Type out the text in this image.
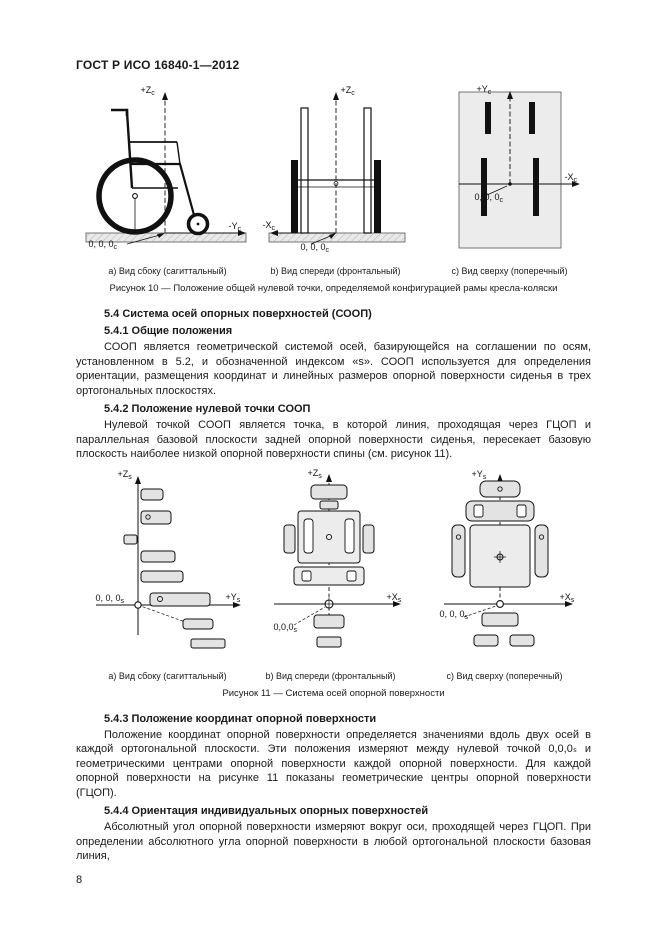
ГОСТ Р ИСО 16840-1—2012
$+Z_c$
$-Y_c$
0, 0, $0_c$
а) Вид сбоку (сагиттальный)
$+Z_c$
$-X_c$
0, 0, $0_c$
b) Вид спереди (фронтальный)
$+Y_c$
$-X_c$
0, 0, $0_c$
c) Вид сверху (поперечный)
Рисунок 10 — Положение общей нулевой точки, определяемой конфигурацией рамы кресла-коляски
5.4 Система осей опорных поверхностей (СООП)
5.4.1 Общие положения

СООП является геометрической системой осей, базирующейся на соглашении по осям, установленном в 5.2, и обозначенной индексом «s». СООП используется для определения ориентации, размещения координат и линейных размеров опорной поверхности сиденья в трех ортогональных плоскостях.

5.4.2 Положение нулевой точки СООП

Нулевой точкой СООП является точка, в которой линия, проходящая через ГЦОП и параллельная базовой плоскости задней опорной поверхности сиденья, пересекает базовую плоскость наиболее низкой опорной поверхности спины (см. рисунок 11).

$+Z_s$
$+Y_s$
0, 0, $0_s$
а) Вид сбоку (сагиттальный)
$+Z_s$
$+X_s$
$0,0,0_s$
b) Вид спереди (фронтальный)
$+Y_s$
$+X_s$
0, 0, $0_s$
c) Вид сверху (поперечный)
Рисунок 11 — Система осей опорной поверхности
5.4.3 Положение координат опорной поверхности

Положение координат опорной поверхности определяется значениями вдоль двух осей в каждой ортогональной плоскости. Эти положения измеряют между нулевой точкой 0,0,0ₛ и геометрическими центрами опорной поверхности каждой опорной поверхности. Для каждой опорной поверхности на рисунке 11 показаны геометрические центры опорной поверхности (ГЦОП).

5.4.4 Ориентация индивидуальных опорных поверхностей

Абсолютный угол опорной поверхности измеряют вокруг оси, проходящей через ГЦОП. При определении абсолютного угла опорной поверхности в любой ортогональной плоскости базовая линия,

8
